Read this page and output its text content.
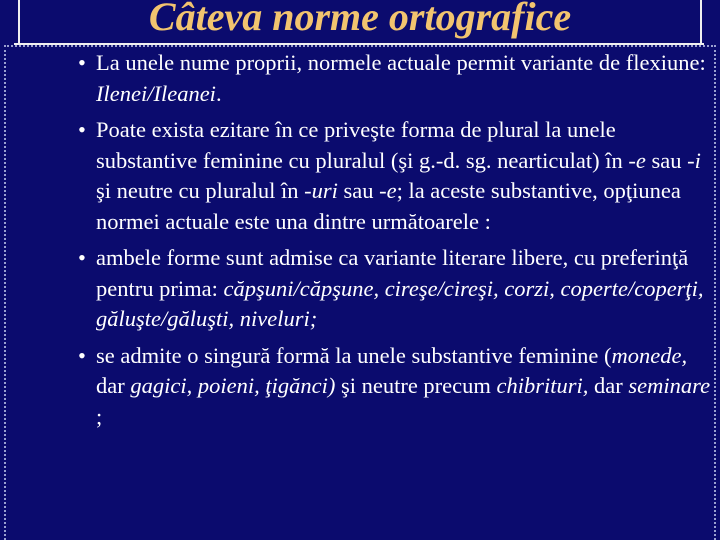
Câteva norme ortografice
• La unele nume proprii, normele actuale permit variante de flexiune: Ilenei/Ileanei.
• Poate exista ezitare în ce priveşte forma de plural la unele substantive feminine cu pluralul (şi g.-d. sg. nearticulat) în -e sau -i şi neutre cu pluralul în -uri sau -e; la aceste substantive, opţiunea normei actuale este una dintre următoarele :
• ambele forme sunt admise ca variante literare libere, cu preferinţă pentru prima: căpşuni/căpşune, cireşe/cireşi, corzi, coperte/coperţi, găluşte/găluşti, niveluri;
• se admite o singură formă la unele substantive feminine (monede, dar gagici, poieni, ţigănci) şi neutre precum chibrituri, dar seminare ;
